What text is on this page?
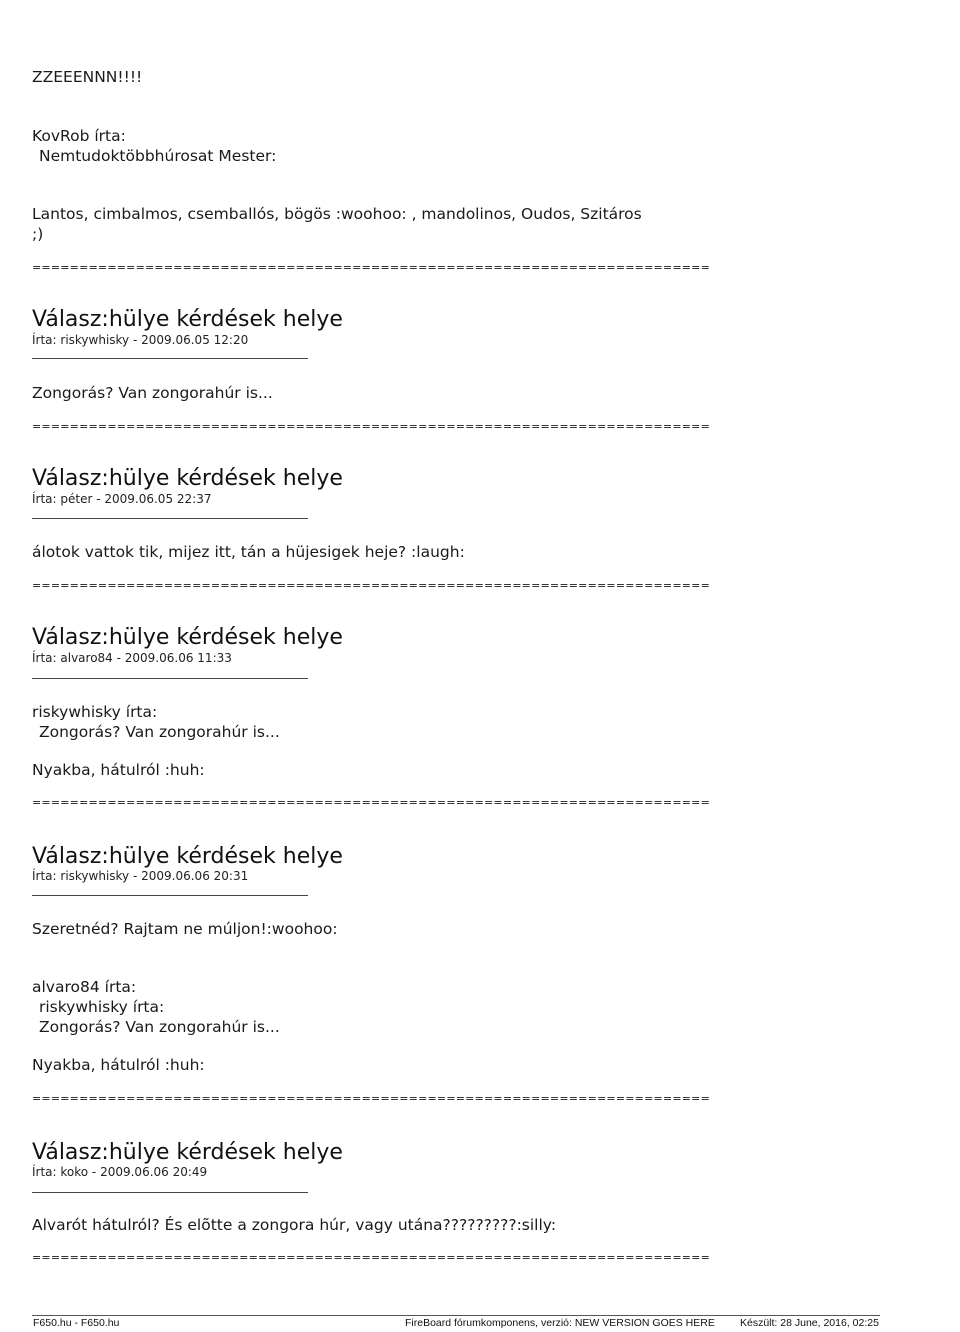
ZZEEENNN!!!!
KovRob írta:
Nemtudoktöbbhúrosat Mester:
Lantos, cimbalmos, csemballós, bögös :woohoo: , mandolinos, Oudos, Szitáros
;)
========================================================================
Válasz:hülye kérdések helye
Írta: riskywhisky - 2009.06.05 12:20
Zongorás? Van zongorahúr is...
========================================================================
Válasz:hülye kérdések helye
Írta: péter - 2009.06.05 22:37
álotok vattok tik, mijez itt, tán a hüjesigek heje? :laugh:
========================================================================
Válasz:hülye kérdések helye
Írta: alvaro84 - 2009.06.06 11:33
riskywhisky írta:
Zongorás? Van zongorahúr is...
Nyakba, hátulról :huh:
========================================================================
Válasz:hülye kérdések helye
Írta: riskywhisky - 2009.06.06 20:31
Szeretnéd? Rajtam ne múljon!:woohoo:
alvaro84 írta:
riskywhisky írta:
Zongorás? Van zongorahúr is...
Nyakba, hátulról :huh:
========================================================================
Válasz:hülye kérdések helye
Írta: koko - 2009.06.06 20:49
Alvarót hátulról? És elõtte a zongora húr, vagy utána?????????:silly:
========================================================================
F650.hu - F650.hu	FireBoard fórumkomponens, verzió: NEW VERSION GOES HERE Készült: 28 June, 2016, 02:25
